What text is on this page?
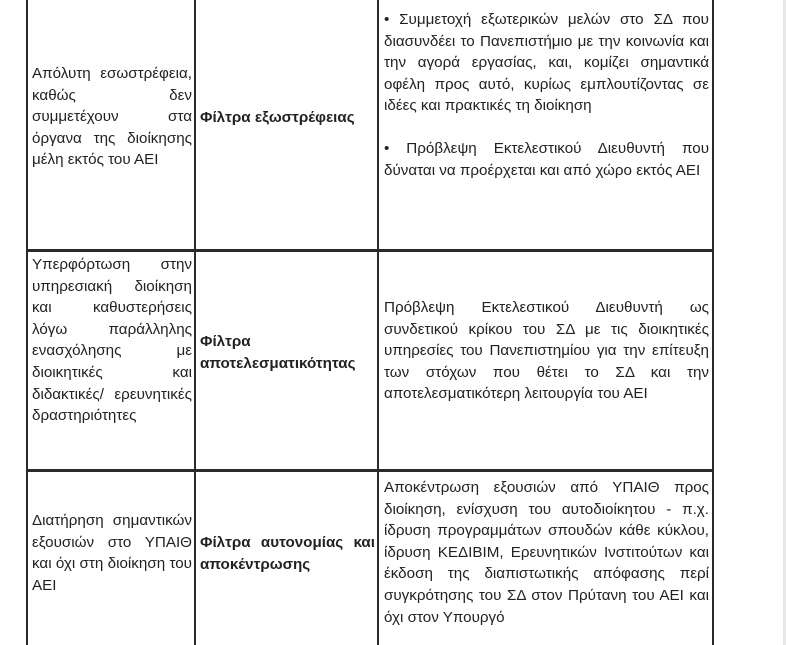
Απόλυτη εσωστρέφεια, καθώς δεν συμμετέχουν στα όργανα της διοίκησης μέλη εκτός του ΑΕΙ
Φίλτρα εξωστρέφειας
• Συμμετοχή εξωτερικών μελών στο ΣΔ που διασυνδέει το Πανεπιστήμιο με την κοινωνία και την αγορά εργασίας, και, κομίζει σημαντικά οφέλη προς αυτό, κυρίως εμπλουτίζοντας σε ιδέες και πρακτικές τη διοίκηση
• Πρόβλεψη Εκτελεστικού Διευθυντή που δύναται να προέρχεται και από χώρο εκτός ΑΕΙ
Υπερφόρτωση στην υπηρεσιακή διοίκηση και καθυστερήσεις λόγω παράλληλης ενασχόλησης με διοικητικές και διδακτικές/ ερευνητικές δραστηριότητες
Φίλτρα αποτελεσματικότητας
Πρόβλεψη Εκτελεστικού Διευθυντή ως συνδετικού κρίκου του ΣΔ με τις διοικητικές υπηρεσίες του Πανεπιστημίου για την επίτευξη των στόχων που θέτει το ΣΔ και την αποτελεσματικότερη λειτουργία του ΑΕΙ
Διατήρηση σημαντικών εξουσιών στο ΥΠΑΙΘ και όχι στη διοίκηση του ΑΕΙ
Φίλτρα αυτονομίας και αποκέντρωσης
Αποκέντρωση εξουσιών από ΥΠΑΙΘ προς διοίκηση, ενίσχυση του αυτοδιοίκητου - π.χ. ίδρυση προγραμμάτων σπουδών κάθε κύκλου, ίδρυση ΚΕΔΙΒΙΜ, Ερευνητικών Ινστιτούτων και έκδοση της διαπιστωτικής απόφασης περί συγκρότησης του ΣΔ στον Πρύτανη του ΑΕΙ και όχι στον Υπουργό
